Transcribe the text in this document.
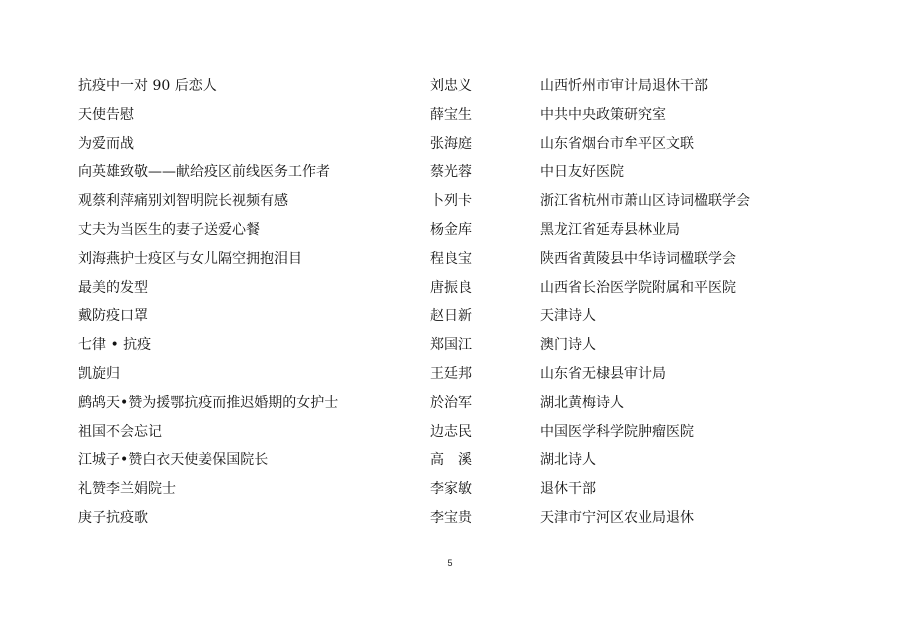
抗疫中一对 90 后恋人	刘忠义	山西忻州市审计局退休干部
天使告慰	薛宝生	中共中央政策研究室
为爱而战	张海庭	山东省烟台市牟平区文联
向英雄致敬——献给疫区前线医务工作者	蔡光蓉	中日友好医院
观蔡利萍痛别刘智明院长视频有感	卜列卡	浙江省杭州市萧山区诗词楹联学会
丈夫为当医生的妻子送爱心餐	杨金库	黑龙江省延寿县林业局
刘海燕护士疫区与女儿隔空拥抱泪目	程良宝	陕西省黄陵县中华诗词楹联学会
最美的发型	唐振良	山西省长治医学院附属和平医院
戴防疫口罩	赵日新	天津诗人
七律 • 抗疫	郑国江	澳门诗人
凯旋归	王廷邦	山东省无棣县审计局
鹧鸪天•赞为援鄂抗疫而推迟婚期的女护士	於治军	湖北黄梅诗人
祖国不会忘记	边志民	中国医学科学院肿瘤医院
江城子•赞白衣天使姜保国院长	高　溪	湖北诗人
礼赞李兰娟院士	李家敏	退休干部
庚子抗疫歌	李宝贵	天津市宁河区农业局退休
5
